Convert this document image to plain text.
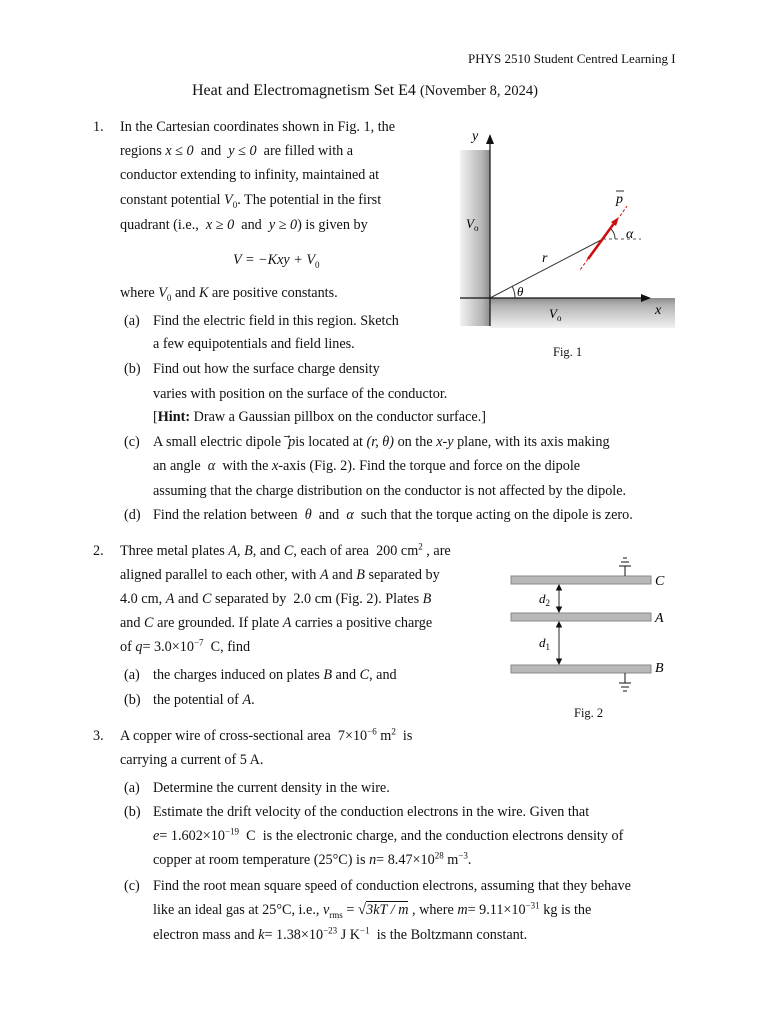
PHYS 2510 Student Centred Learning I
Heat and Electromagnetism Set E4 (November 8, 2024)
1. In the Cartesian coordinates shown in Fig. 1, the
regions x ≤ 0 and y ≤ 0 are filled with a
conductor extending to infinity, maintained at
constant potential $V_0$. The potential in the first
quadrant (i.e., x ≥ 0 and y ≥ 0) is given by
$V = -Kxy + V_0$
where $V_0$ and K are positive constants.
(a) Find the electric field in this region. Sketch
a few equipotentials and field lines.
(b) Find out how the surface charge density
varies with position on the surface of the conductor.
[Hint: Draw a Gaussian pillbox on the conductor surface.]
(c) A small electric dipole p is located at (r, θ) on the x-y plane, with its axis making
an angle α with the x-axis (Fig. 2). Find the torque and force on the dipole
assuming that the charge distribution on the conductor is not affected by the dipole.
(d) Find the relation between θ and α such that the torque acting on the dipole is zero.
y
x
$V_o$
$V_o$
p
α
r
θ
Fig. 1
2. Three metal plates A, B, and C, each of area 200 $cm^2$ , are
aligned parallel to each other, with A and B separated by
4.0 cm, A and C separated by 2.0 cm (Fig. 2). Plates B
and C are grounded. If plate A carries a positive charge
of $q= 3.0\times 10^{-7}$ C, find
(a) the charges induced on plates B and C, and
(b) the potential of A.
C
A
B
$d_2$
$d_1$
Fig. 2
3. A copper wire of cross-sectional area $7\times 10^{-6}$ $m^2$ is
carrying a current of 5 A.
(a) Determine the current density in the wire.
(b) Estimate the drift velocity of the conduction electrons in the wire. Given that
$e= 1.602\times 10^{-19}$ C is the electronic charge, and the conduction electrons density of
copper at room temperature (25°C) is $n= 8.47\times 10^{28}$ $m^{-3}$.
(c) Find the root mean square speed of conduction electrons, assuming that they behave
like an ideal gas at 25°C, i.e., $v_{rms} = √3kT / m$ , where $m= 9.11\times 10^{-31}$ kg is the
electron mass and $k= 1.38\times 10^{-23}$ J $K^{-1}$ is the Boltzmann constant.
